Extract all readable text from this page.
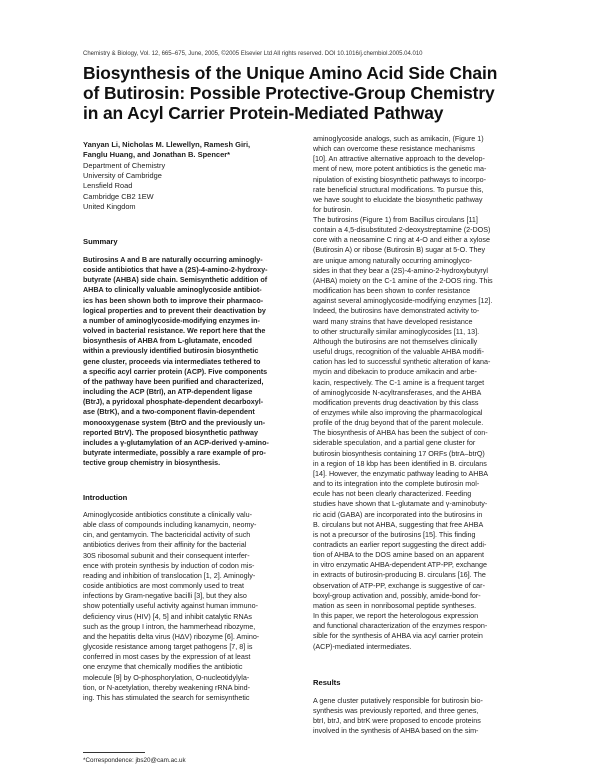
Chemistry & Biology, Vol. 12, 665–675, June, 2005, ©2005 Elsevier Ltd All rights reserved. DOI 10.1016/j.chembiol.2005.04.010
Biosynthesis of the Unique Amino Acid Side Chain
of Butirosin: Possible Protective-Group Chemistry
in an Acyl Carrier Protein-Mediated Pathway
Yanyan Li, Nicholas M. Llewellyn, Ramesh Giri,
Fanglu Huang, and Jonathan B. Spencer*
Department of Chemistry
University of Cambridge
Lensfield Road
Cambridge CB2 1EW
United Kingdom
Summary
Butirosins A and B are naturally occurring aminogly-
coside antibiotics that have a (2S)-4-amino-2-hydroxy-
butyrate (AHBA) side chain. Semisynthetic addition of
AHBA to clinically valuable aminoglycoside antibiot-
ics has been shown both to improve their pharmaco-
logical properties and to prevent their deactivation by
a number of aminoglycoside-modifying enzymes in-
volved in bacterial resistance. We report here that the
biosynthesis of AHBA from L-glutamate, encoded
within a previously identified butirosin biosynthetic
gene cluster, proceeds via intermediates tethered to
a specific acyl carrier protein (ACP). Five components
of the pathway have been purified and characterized,
including the ACP (BtrI), an ATP-dependent ligase
(BtrJ), a pyridoxal phosphate-dependent decarboxyl-
ase (BtrK), and a two-component flavin-dependent
monooxygenase system (BtrO and the previously un-
reported BtrV). The proposed biosynthetic pathway
includes a γ-glutamylation of an ACP-derived γ-amino-
butyrate intermediate, possibly a rare example of pro-
tective group chemistry in biosynthesis.
Introduction
Aminoglycoside antibiotics constitute a clinically valu-
able class of compounds including kanamycin, neomy-
cin, and gentamycin. The bactericidal activity of such
antibiotics derives from their affinity for the bacterial
30S ribosomal subunit and their consequent interfer-
ence with protein synthesis by induction of codon mis-
reading and inhibition of translocation [1, 2]. Aminogly-
coside antibiotics are most commonly used to treat
infections by Gram-negative bacilli [3], but they also
show potentially useful activity against human immuno-
deficiency virus (HIV) [4, 5] and inhibit catalytic RNAs
such as the group I intron, the hammerhead ribozyme,
and the hepatitis delta virus (HΔV) ribozyme [6]. Amino-
glycoside resistance among target pathogens [7, 8] is
conferred in most cases by the expression of at least
one enzyme that chemically modifies the antibiotic
molecule [9] by O-phosphorylation, O-nucleotidylyla-
tion, or N-acetylation, thereby weakening rRNA bind-
ing. This has stimulated the search for semisynthetic
aminoglycoside analogs, such as amikacin, (Figure 1)
which can overcome these resistance mechanisms
[10]. An attractive alternative approach to the develop-
ment of new, more potent antibiotics is the genetic ma-
nipulation of existing biosynthetic pathways to incorpo-
rate beneficial structural modifications. To pursue this,
we have sought to elucidate the biosynthetic pathway
for butirosin.
The butirosins (Figure 1) from Bacillus circulans [11]
contain a 4,5-disubstituted 2-deoxystreptamine (2-DOS)
core with a neosamine C ring at 4-O and either a xylose
(Butirosin A) or ribose (Butirosin B) sugar at 5-O. They
are unique among naturally occurring aminoglyco-
sides in that they bear a (2S)-4-amino-2-hydroxybutyryl
(AHBA) moiety on the C-1 amine of the 2-DOS ring. This
modification has been shown to confer resistance
against several aminoglycoside-modifying enzymes [12].
Indeed, the butirosins have demonstrated activity to-
ward many strains that have developed resistance
to other structurally similar aminoglycosides [11, 13].
Although the butirosins are not themselves clinically
useful drugs, recognition of the valuable AHBA modifi-
cation has led to successful synthetic alteration of kana-
mycin and dibekacin to produce amikacin and arbe-
kacin, respectively. The C-1 amine is a frequent target
of aminoglycoside N-acyltransferases, and the AHBA
modification prevents drug deactivation by this class
of enzymes while also improving the pharmacological
profile of the drug beyond that of the parent molecule.
The biosynthesis of AHBA has been the subject of con-
siderable speculation, and a partial gene cluster for
butirosin biosynthesis containing 17 ORFs (btrA–btrQ)
in a region of 18 kbp has been identified in B. circulans
[14]. However, the enzymatic pathway leading to AHBA
and to its integration into the complete butirosin mol-
ecule has not been clearly characterized. Feeding
studies have shown that L-glutamate and γ-aminobuty-
ric acid (GABA) are incorporated into the butirosins in
B. circulans but not AHBA, suggesting that free AHBA
is not a precursor of the butirosins [15]. This finding
contradicts an earlier report suggesting the direct addi-
tion of AHBA to the DOS amine based on an apparent
in vitro enzymatic AHBA-dependent ATP-PP, exchange
in extracts of butirosin-producing B. circulans [16]. The
observation of ATP-PP, exchange is suggestive of car-
boxyl-group activation and, possibly, amide-bond for-
mation as seen in nonribosomal peptide syntheses.
In this paper, we report the heterologous expression
and functional characterization of the enzymes respon-
sible for the synthesis of AHBA via acyl carrier protein
(ACP)-mediated intermediates.
Results
A gene cluster putatively responsible for butirosin bio-
synthesis was previously reported, and three genes,
btrI, btrJ, and btrK were proposed to encode proteins
involved in the synthesis of AHBA based on the sim-
*Correspondence: jbs20@cam.ac.uk
